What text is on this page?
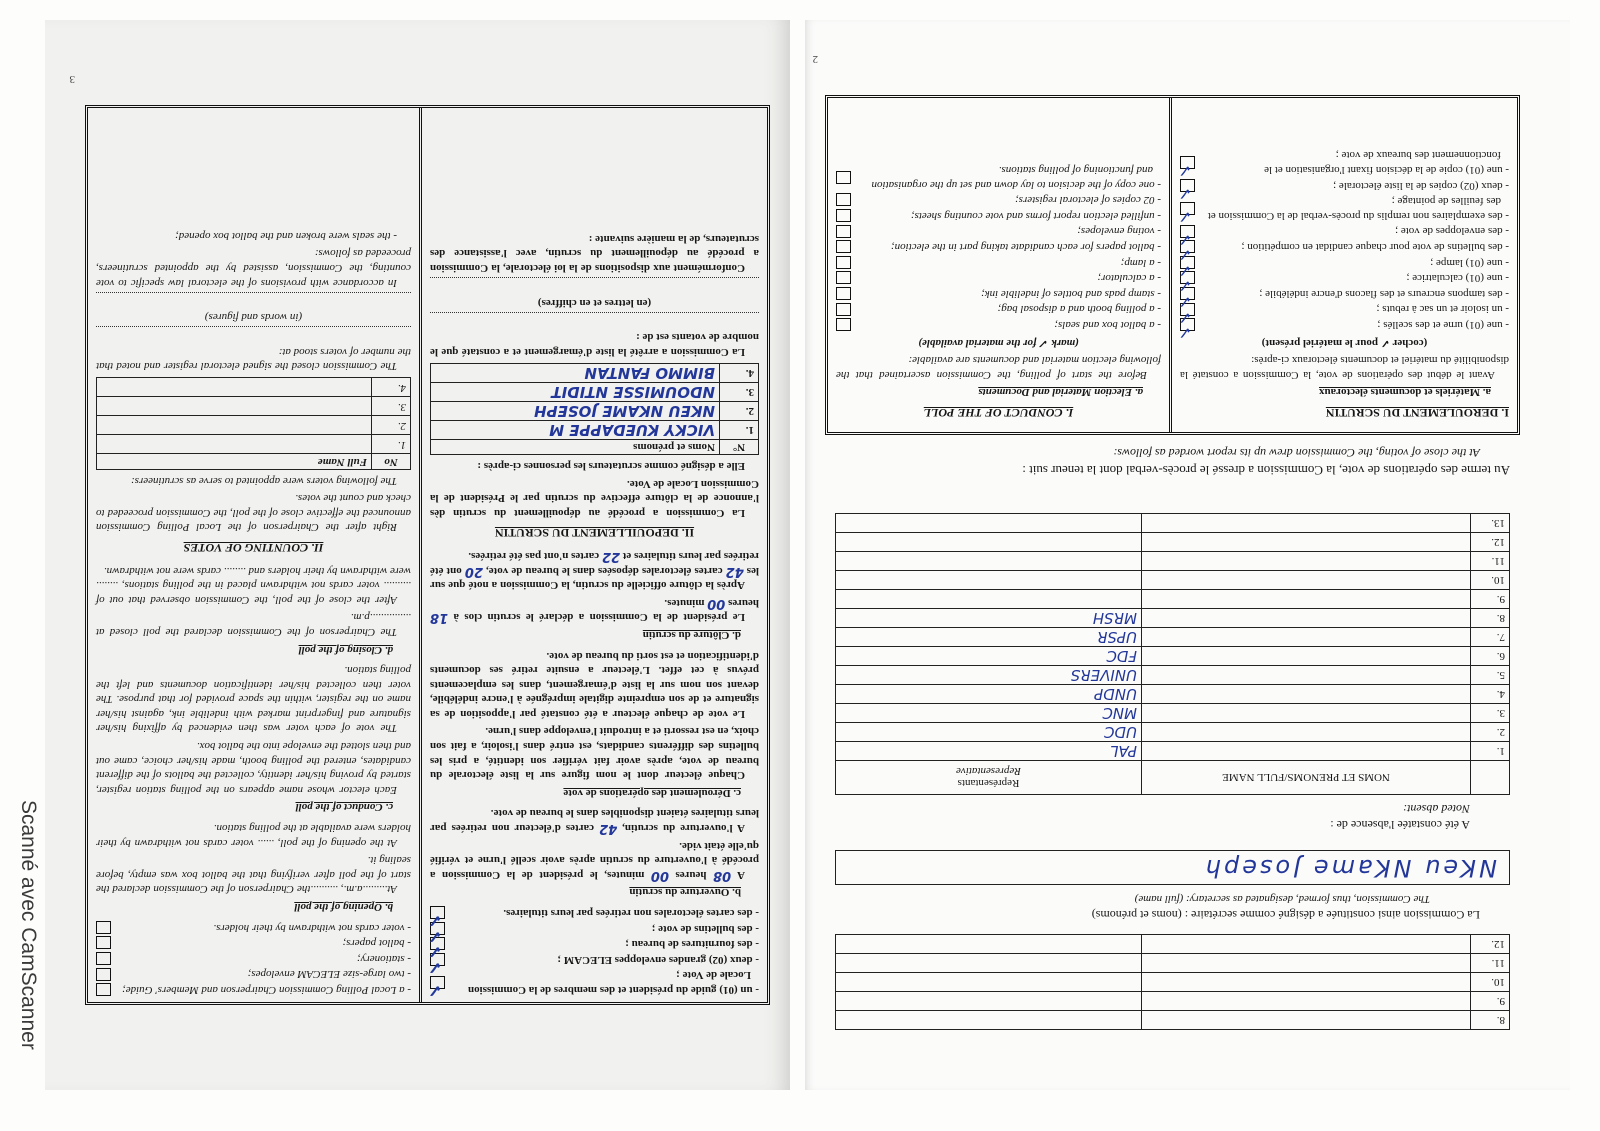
Scanné avec CamScanner
3
- un (01) guide du président et des membres de la Commission Locale de Vote ;
✓
- deux (02) grandes enveloppes ELECAM ;
✓
- des fournitures de bureau ;
✓
- des bulletins de vote ;
✓
- des cartes électorales non retirées par leurs titulaires.
✓
b. Ouverture du scrutin

A 08 heures 00 minutes, le président de la Commission a procédé à l'ouverture du scrutin après avoir scellé l'urne et vérifié qu'elle était vide.

A l'ouverture du scrutin, 42 cartes d'électeur non retirées par leurs titulaires étaient disponibles dans le bureau de vote.

c. Déroulement des opérations de vote

Chaque électeur dont le nom figure sur la liste électorale du bureau de vote, après avoir fait vérifier son identité, a pris les bulletins des différents candidats, est entré dans l'isoloir, a fait son choix, en est ressorti et a introduit l'enveloppe dans l'urne.

Le vote de chaque électeur a été constaté par l'apposition de sa signature et de son empreinte digitale imprégnée à l'encre indélébile, devant son nom sur la liste d'émargement, dans les emplacements prévus à cet effet. L'électeur a ensuite retiré ses documents d'identification et est sorti du bureau de vote.

d. Clôture du scrutin

Le président de la Commission a déclaré le scrutin clos à 18 heures 00 minutes.

Après la clôture officielle du scrutin, la Commission a noté que sur les 42 cartes électorales déposées dans le bureau de vote, 20 ont été retirées par leurs titulaires et 22 cartes n'ont pas été retirées.

II. DEPOUILLEMENT DU SCRUTIN

La Commission a procédé au dépouillement du scrutin dès l'annonce de la clôture effective du scrutin par le Président de la Commission Locale de Vote.

Elle a désigné comme scrutateurs les personnes ci-après :

N°	Noms et prénoms
1.	VICKY KUEDAPPE M
2.	NKEU NKAME JOSEPH
3.	NDOUMISSE NTIDIT
4.	BIMMO FANTAN

La Commission a arrêté la liste d'émargement et a constaté que le nombre de votants est de :

(en lettres et en chiffres)

Conformément aux dispositions de la loi électorale, la Commission a procédé au dépouillement du scrutin, avec l'assistance des scrutateurs, de la manière suivante :

- a Local Polling Commission Chairperson and Members' Guide;
- two large-size ELECAM envelopes;
- stationery;
- ballot papers;
- voter cards not withdrawn by their holders.
b. Opening of the poll

At.........a.m., ..........the Chairperson of the Commission declared the start of the poll after verifying that the ballot box was empty, before sealing it.

At the opening of the poll, ...... voter cards not withdrawn by their holders were available at the polling station.

c. Conduct of the poll

Each elector whose name appears on the polling station register, started by proving his/her identity, collected the ballots of the different candidates, entered the polling booth, made his/her choice, came out and then slotted the envelope into the ballot box.

The vote of each voter was then evidenced by affixing his/her signature and fingerprint marked with indelible ink, against his/her name on the register, within the space provided for that purpose. The voter then collected his/her identification documents and left the polling station.

d. Closing of the poll

The Chairperson of the Commission declared the poll closed at ...............p.m.

After the close of the poll, the Commission observed that out of .......... voter cards not withdrawn placed in the polling stations, ........ were withdrawn by their holders and ........ cards were not withdrawn.

II. COUNTING OF VOTES

Right after the Chairperson of the Local Polling Commission announced the effective close of the poll, the Commission proceeded to check and count the votes.

The following voters were appointed to serve as scrutineers:

No	Full Name
1.	
2.	
3.	
4.	

The Commission closed the signed electoral register and noted that the number of voters stood at:

(in words and figures)

In accordance with provisions of the electoral law specific to vote counting, the Commission, assisted by the appointed scrutineers, proceeded as follows:

- the seals were broken and the ballot box opened;

2
8.		
9.		
10.		
11.		
12.		
La Commission ainsi constituée a désigné comme secrétaire : (noms et prénoms)
The Commission, thus formed, designated as secretary: (full name)
NKeu NKame Joseph
A été constatée l'absence de :
Noted absent:
	NOMS ET PRENOMS/FULL NAME	Représentants
Representative

1.		PAL
2.		UDC
3.		MNC
4.		UNDP
5.		UNIVERS
6.		FDC
7.		UPSR
8.		MRSH
9.		
10.		
11.		
12.		
13.		
Au terme des opérations de vote, la Commission a dressé le procès-verbal dont la teneur suit :
At the close of voting, the Commission drew up its report worded as follows:
I. DEROULEMENT DU SCRUTIN
a. Matériels et documents électoraux

Avant le début des opérations de vote, la Commission a constaté la disponibilité du matériel et documents électoraux ci-après:

(cocher ✓ pour le matériel présent)

- une (01) urne et des scellés ;
✓
- un isoloir et un sac à rebuts ;
✓
- des tampons encreurs et des flacons d'encre indélébile ;
✓
- une (01) calculatrice ;
✓
- une (01) lampe ;
✓
- des bulletins de vote pour chaque candidat en compétition ;
✓
- des enveloppes de vote ;
✓
- des exemplaires non remplis du procès-verbal de la Commission et des feuilles de pointage ;
✓
- deux (02) copies de la liste électorale ;
✓
- une (01) copie de la décision fixant l'organisation et le fonctionnement des bureaux de vote ;
✓
I. CONDUCT OF THE POLL
a. Election Material and Documents

Before the start of polling, the Commission ascertained that the following election material and documents are available:

(mark ✓ for the material available)

- a ballot box and seals;
- a polling booth and a disposal bag;
- stamp pads and bottles of indelible ink;
- a calculator;
- a lamp;
- ballot papers for each candidate taking part in the election;
- voting envelopes;
- unfilled election report forms and vote counting sheets;
- 02 copies of electoral registers;
- one copy of the decision to lay down and set up the organisation and functioning of polling stations.
